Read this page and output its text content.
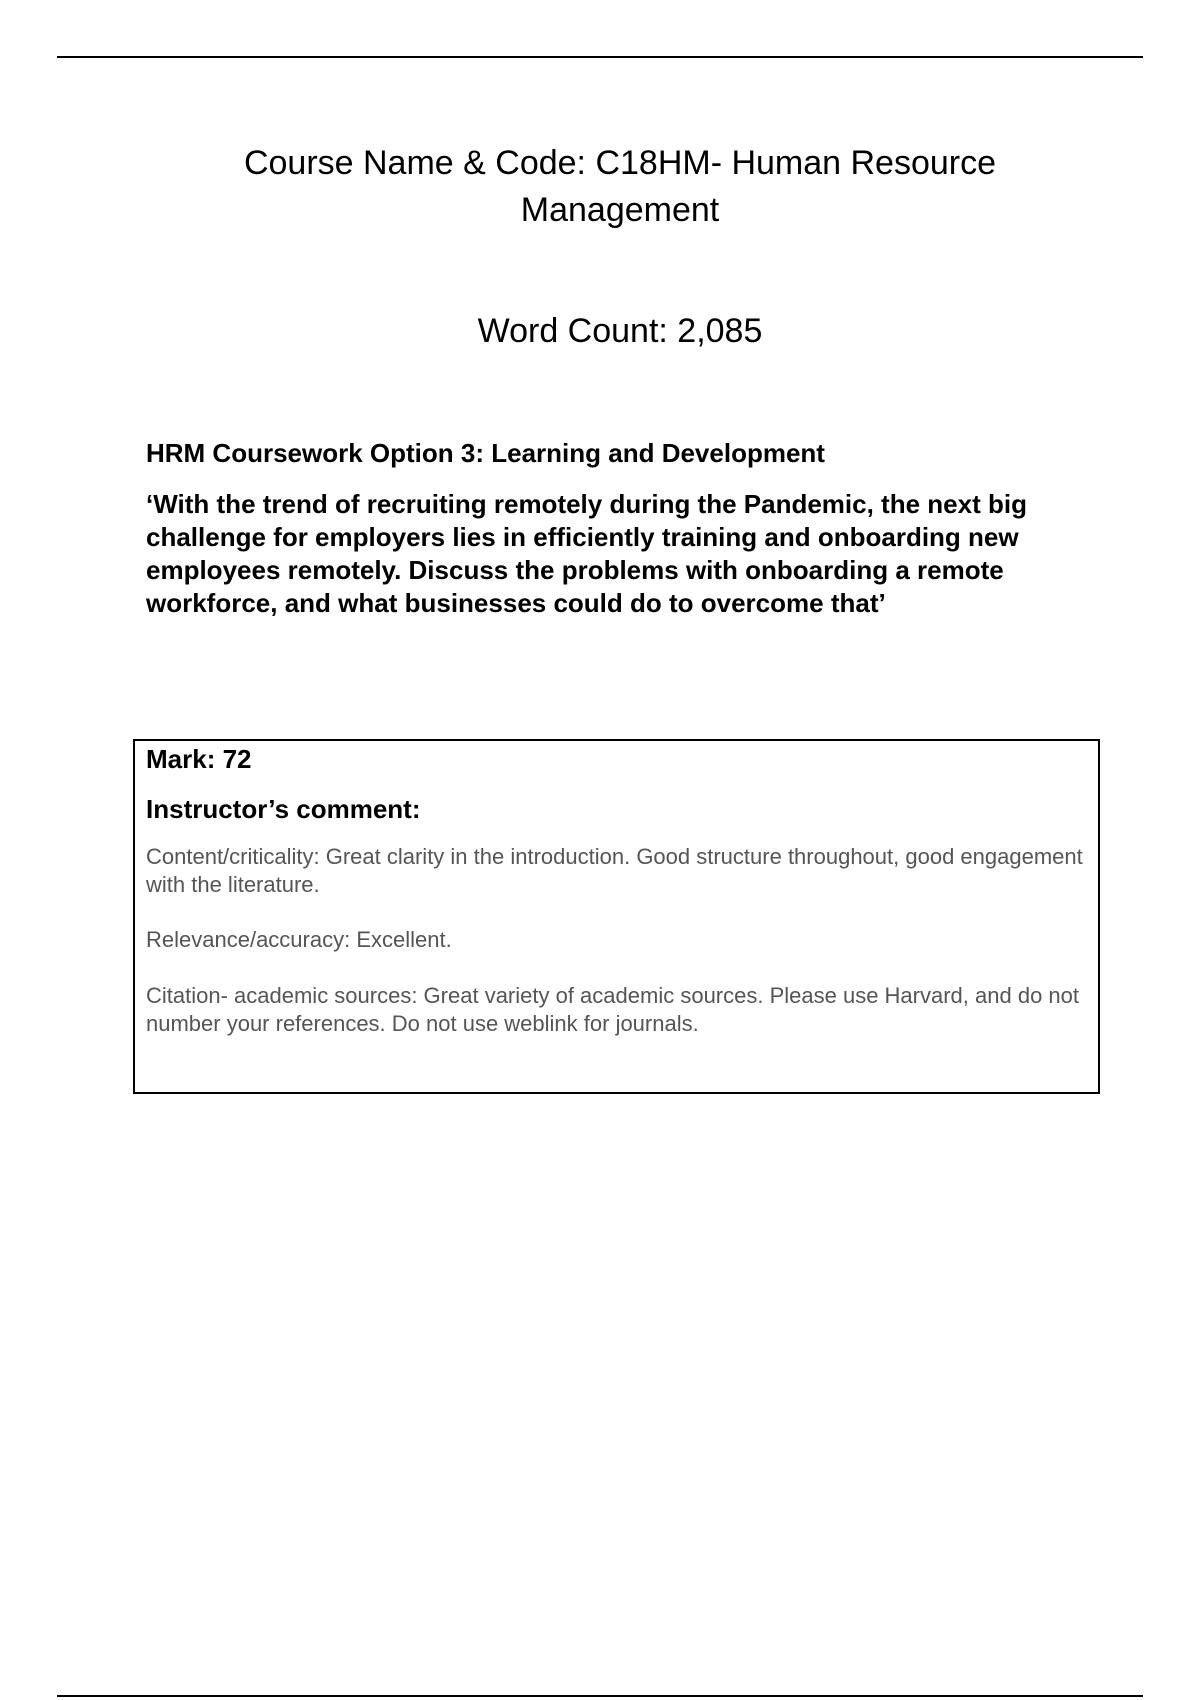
Course Name & Code: C18HM- Human Resource Management
Word Count: 2,085
HRM Coursework Option 3: Learning and Development
‘With the trend of recruiting remotely during the Pandemic, the next big challenge for employers lies in efficiently training and onboarding new employees remotely. Discuss the problems with onboarding a remote workforce, and what businesses could do to overcome that’
Mark: 72
Instructor’s comment:
Content/criticality: Great clarity in the introduction. Good structure throughout, good engagement with the literature.
Relevance/accuracy: Excellent.
Citation- academic sources: Great variety of academic sources. Please use Harvard, and do not number your references. Do not use weblink for journals.
